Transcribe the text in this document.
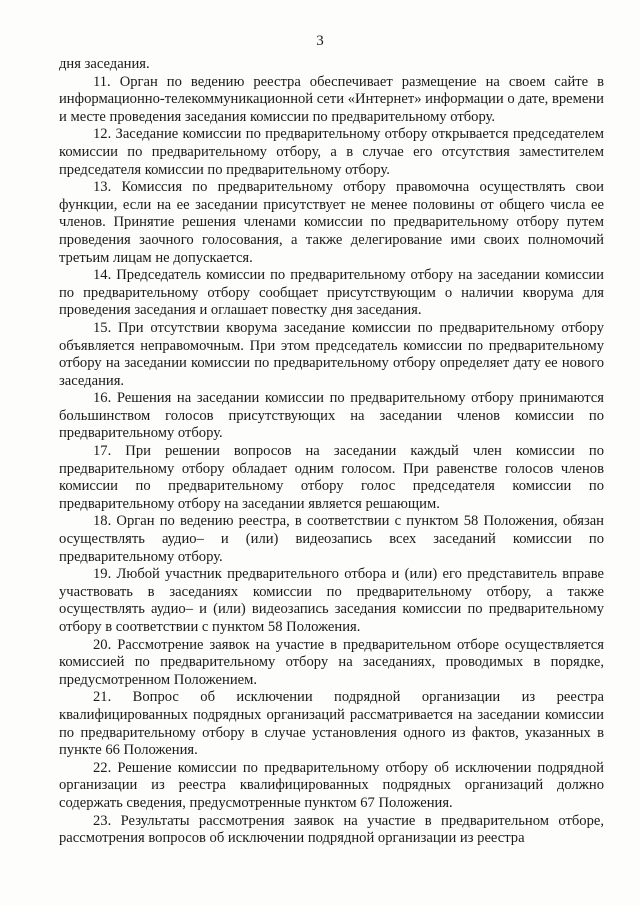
3

дня заседания.

11. Орган по ведению реестра обеспечивает размещение на своем сайте в информационно-телекоммуникационной сети «Интернет» информации о дате, времени и месте проведения заседания комиссии по предварительному отбору.

12. Заседание комиссии по предварительному отбору открывается председателем комиссии по предварительному отбору, а в случае его отсутствия заместителем председателя комиссии по предварительному отбору.

13. Комиссия по предварительному отбору правомочна осуществлять свои функции, если на ее заседании присутствует не менее половины от общего числа ее членов. Принятие решения членами комиссии по предварительному отбору путем проведения заочного голосования, а также делегирование ими своих полномочий третьим лицам не допускается.

14. Председатель комиссии по предварительному отбору на заседании комиссии по предварительному отбору сообщает присутствующим о наличии кворума для проведения заседания и оглашает повестку дня заседания.

15. При отсутствии кворума заседание комиссии по предварительному отбору объявляется неправомочным. При этом председатель комиссии по предварительному отбору на заседании комиссии по предварительному отбору определяет дату ее нового заседания.

16. Решения на заседании комиссии по предварительному отбору принимаются большинством голосов присутствующих на заседании членов комиссии по предварительному отбору.

17. При решении вопросов на заседании каждый член комиссии по предварительному отбору обладает одним голосом. При равенстве голосов членов комиссии по предварительному отбору голос председателя комиссии по предварительному отбору на заседании является решающим.

18. Орган по ведению реестра, в соответствии с пунктом 58 Положения, обязан осуществлять аудио– и (или) видеозапись всех заседаний комиссии по предварительному отбору.

19. Любой участник предварительного отбора и (или) его представитель вправе участвовать в заседаниях комиссии по предварительному отбору, а также осуществлять аудио– и (или) видеозапись заседания комиссии по предварительному отбору в соответствии с пунктом 58 Положения.

20. Рассмотрение заявок на участие в предварительном отборе осуществляется комиссией по предварительному отбору на заседаниях, проводимых в порядке, предусмотренном Положением.

21. Вопрос об исключении подрядной организации из реестра квалифицированных подрядных организаций рассматривается на заседании комиссии по предварительному отбору в случае установления одного из фактов, указанных в пункте 66 Положения.

22. Решение комиссии по предварительному отбору об исключении подрядной организации из реестра квалифицированных подрядных организаций должно содержать сведения, предусмотренные пунктом 67 Положения.

23. Результаты рассмотрения заявок на участие в предварительном отборе, рассмотрения вопросов об исключении подрядной организации из реестра
